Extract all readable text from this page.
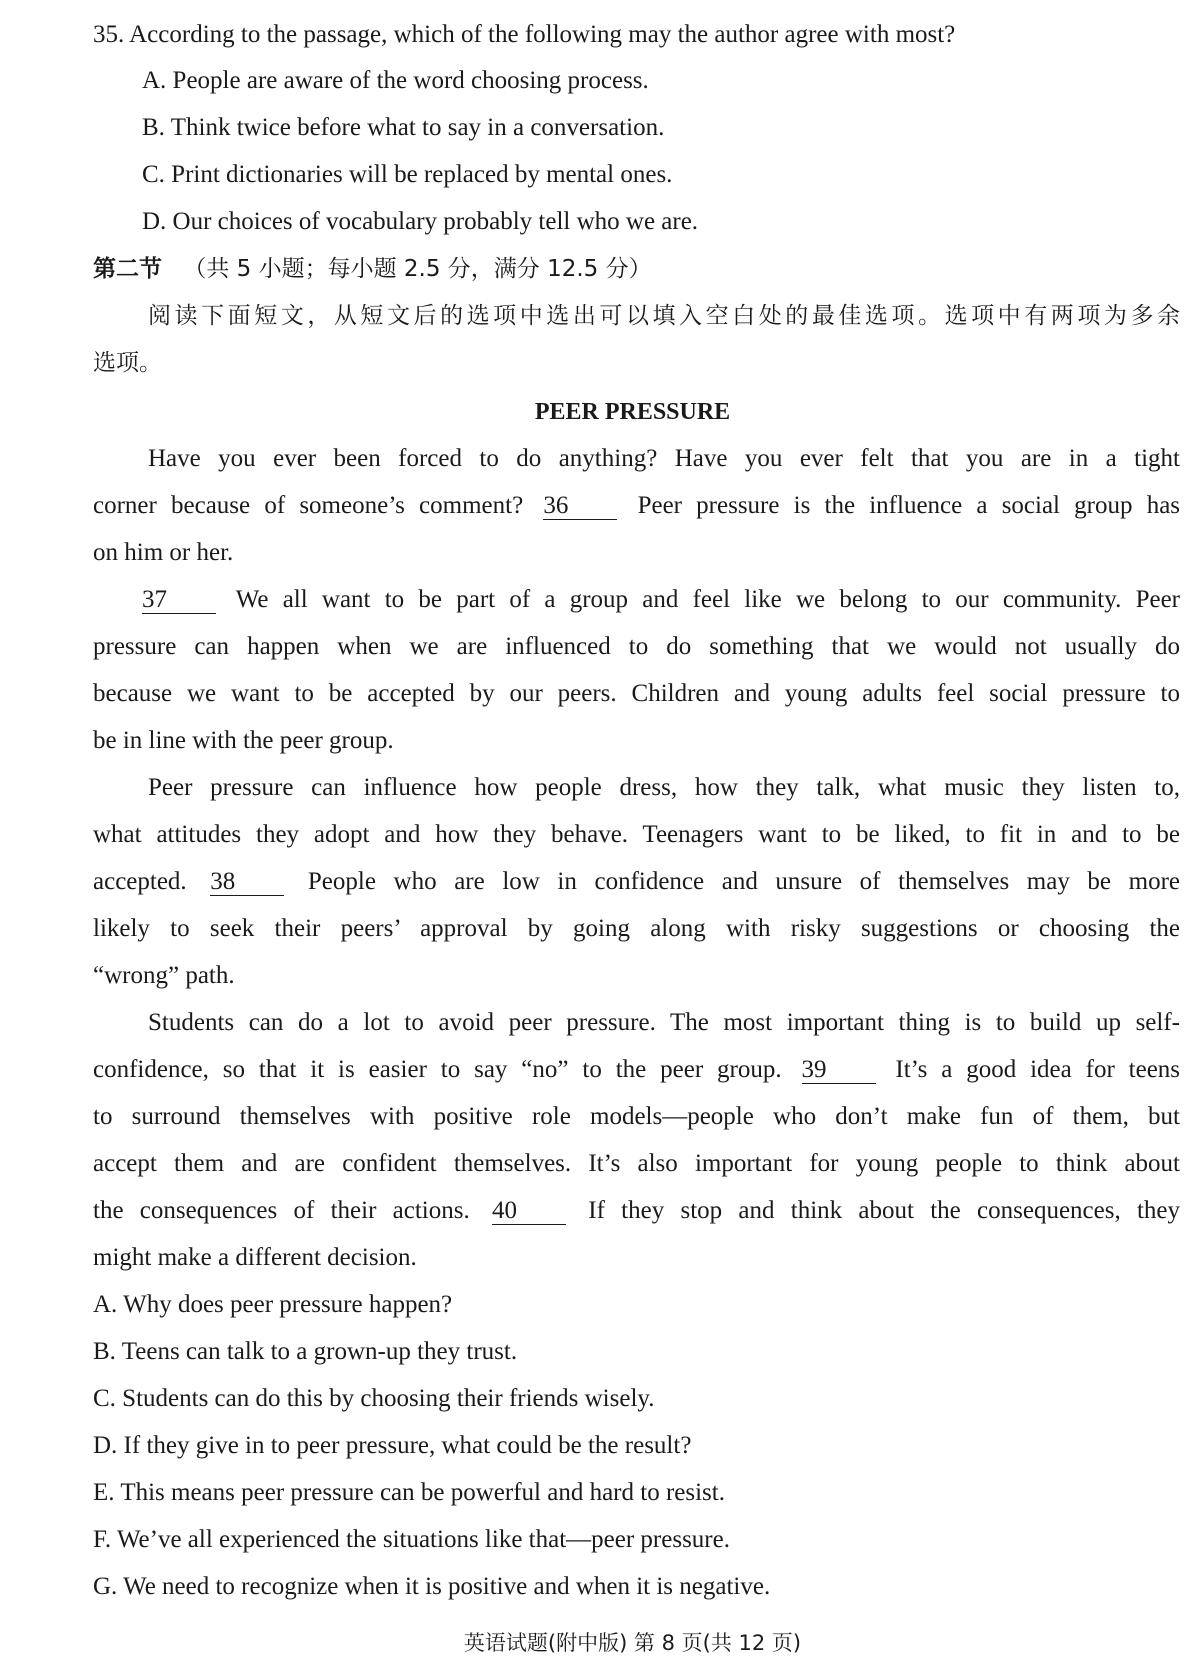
35. According to the passage, which of the following may the author agree with most?
A. People are aware of the word choosing process.
B. Think twice before what to say in a conversation.
C. Print dictionaries will be replaced by mental ones.
D. Our choices of vocabulary probably tell who we are.
第二节 （共 5 小题；每小题 2.5 分，满分 12.5 分）
阅读下面短文，从短文后的选项中选出可以填入空白处的最佳选项。选项中有两项为多余
选项。
PEER PRESSURE
Have you ever been forced to do anything? Have you ever felt that you are in a tight
corner because of someone’s comment? 36	Peer pressure is the influence a social group has
on him or her.
37	We all want to be part of a group and feel like we belong to our community. Peer
pressure can happen when we are influenced to do something that we would not usually do
because we want to be accepted by our peers. Children and young adults feel social pressure to
be in line with the peer group.
Peer pressure can influence how people dress, how they talk, what music they listen to,
what attitudes they adopt and how they behave. Teenagers want to be liked, to fit in and to be
accepted. 38	People who are low in confidence and unsure of themselves may be more
likely to seek their peers’ approval by going along with risky suggestions or choosing the
“wrong” path.
Students can do a lot to avoid peer pressure. The most important thing is to build up self-
confidence, so that it is easier to say “no” to the peer group. 39	It’s a good idea for teens
to surround themselves with positive role models—people who don’t make fun of them, but
accept them and are confident themselves. It’s also important for young people to think about
the consequences of their actions. 40	If they stop and think about the consequences, they
might make a different decision.
A. Why does peer pressure happen?
B. Teens can talk to a grown-up they trust.
C. Students can do this by choosing their friends wisely.
D. If they give in to peer pressure, what could be the result?
E. This means peer pressure can be powerful and hard to resist.
F. We’ve all experienced the situations like that—peer pressure.
G. We need to recognize when it is positive and when it is negative.
英语试题(附中版) 第 8 页(共 12 页)
